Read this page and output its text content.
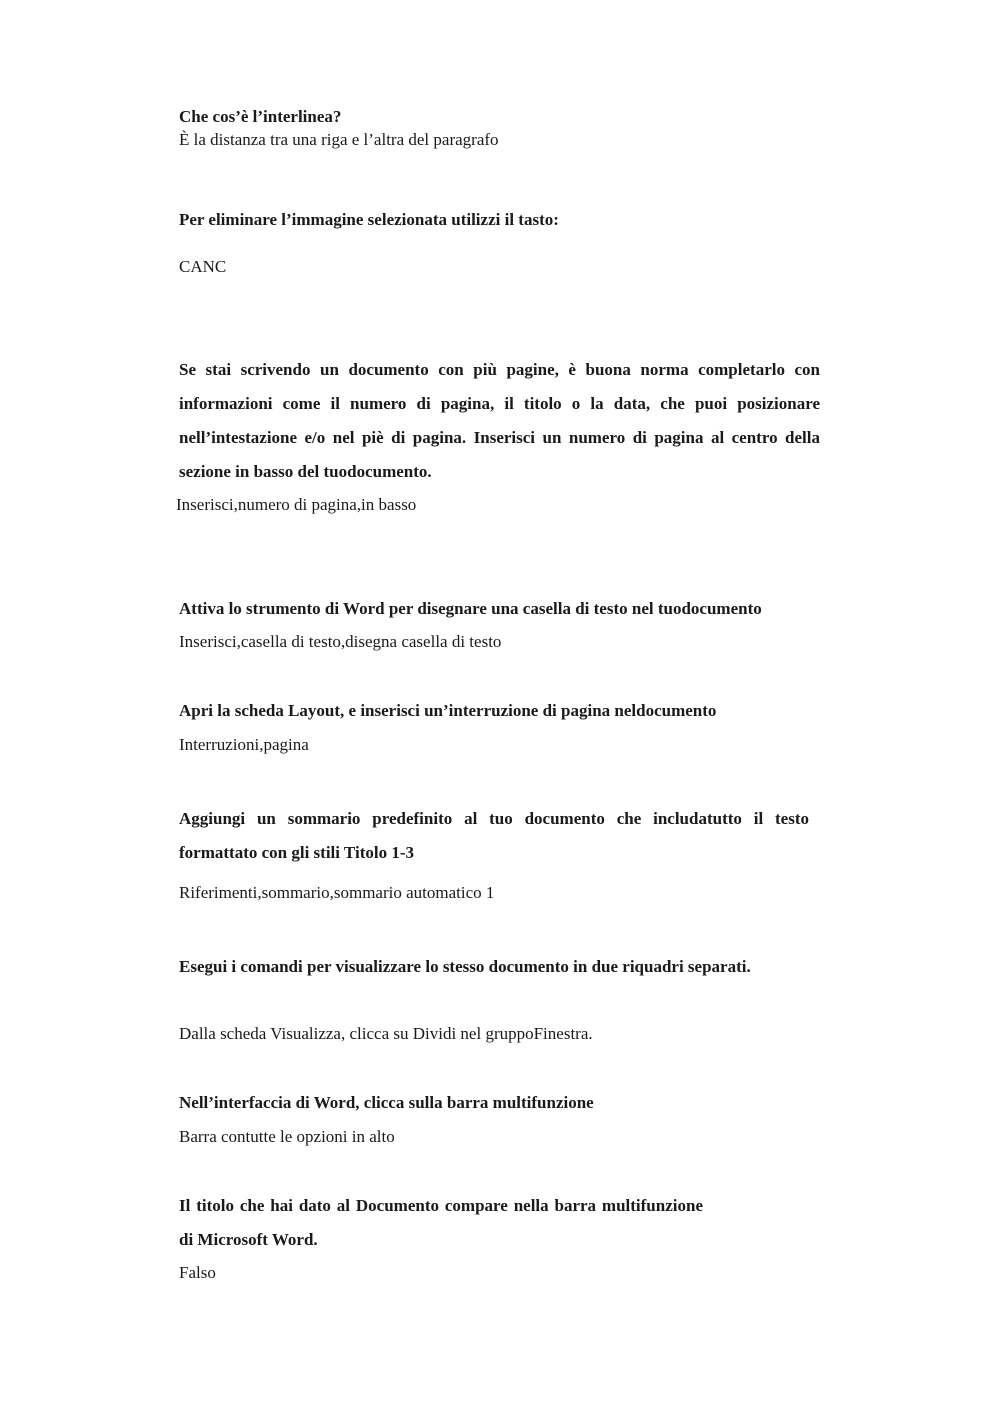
Che cos’è l’interlinea?
È la distanza tra una riga e l’altra del paragrafo
Per eliminare l’immagine selezionata utilizzi il tasto:
CANC
Se stai scrivendo un documento con più pagine, è buona norma completarlo con informazioni come il numero di pagina, il titolo o la data, che puoi posizionare nell’intestazione e/o nel piè di pagina. Inserisci un numero di pagina al centro della sezione in basso del tuodocumento.
Inserisci,numero di pagina,in basso
Attiva lo strumento di Word per disegnare una casella di testo nel tuodocumento
Inserisci,casella di testo,disegna casella di testo
Apri la scheda Layout, e inserisci un’interruzione di pagina neldocumento
Interruzioni,pagina
Aggiungi un sommario predefinito al tuo documento che includatutto il testo formattato con gli stili Titolo 1-3
Riferimenti,sommario,sommario automatico 1
Esegui i comandi per visualizzare lo stesso documento in due riquadri separati.
Dalla scheda Visualizza, clicca su Dividi nel gruppoFinestra.
Nell’interfaccia di Word, clicca sulla barra multifunzione
Barra contutte le opzioni in alto
Il titolo che hai dato al Documento compare nella barra multifunzione di Microsoft Word.
Falso
